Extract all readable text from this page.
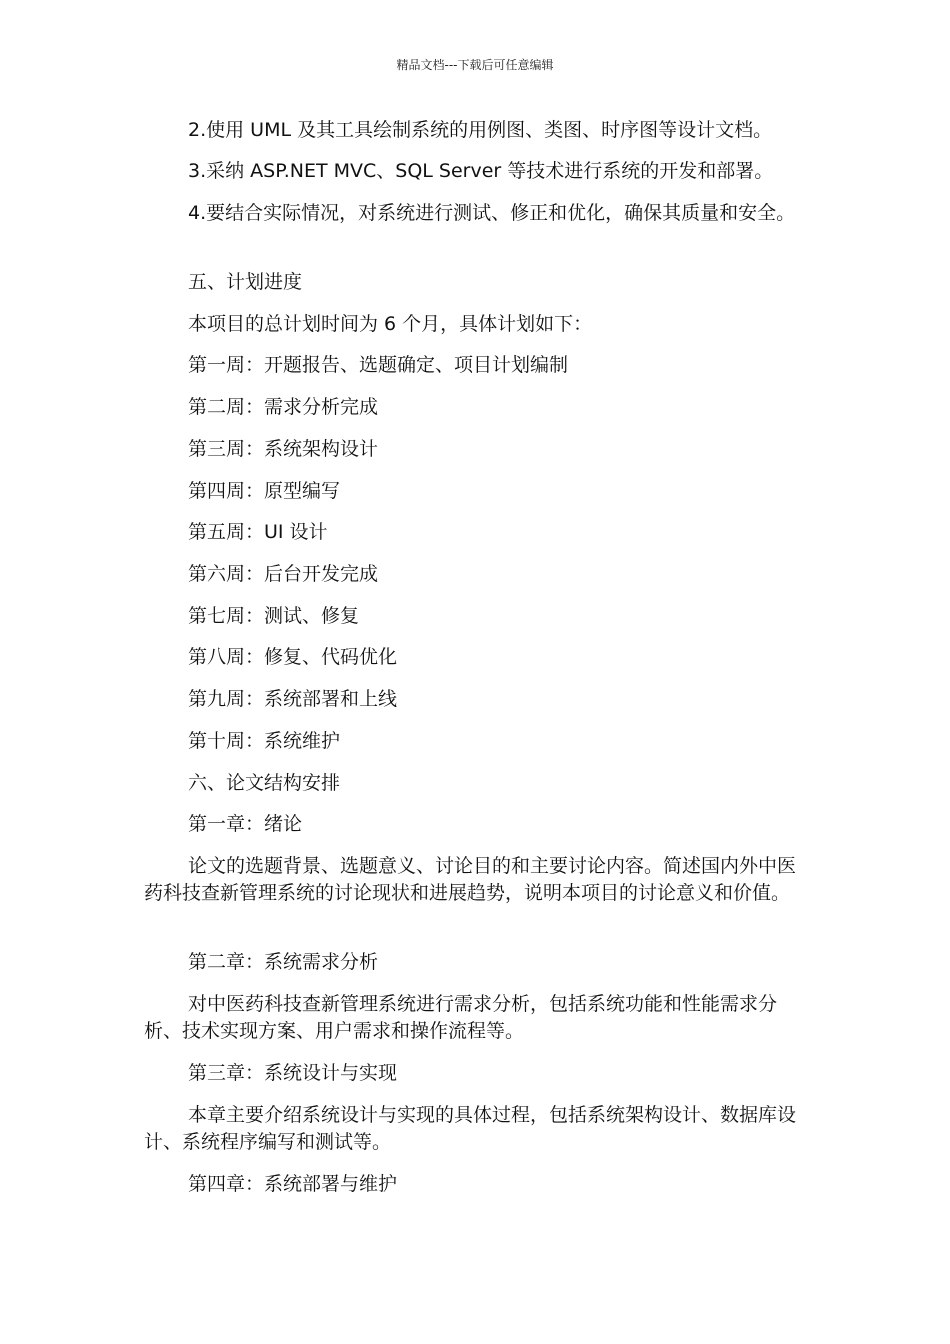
精品文档---下载后可任意编辑
2.使用 UML 及其工具绘制系统的用例图、类图、时序图等设计文档。
3.采纳 ASP.NET MVC、SQL Server 等技术进行系统的开发和部署。
4.要结合实际情况，对系统进行测试、修正和优化，确保其质量和安全。
五、计划进度
本项目的总计划时间为 6 个月，具体计划如下：
第一周：开题报告、选题确定、项目计划编制
第二周：需求分析完成
第三周：系统架构设计
第四周：原型编写
第五周：UI 设计
第六周：后台开发完成
第七周：测试、修复
第八周：修复、代码优化
第九周：系统部署和上线
第十周：系统维护
六、论文结构安排
第一章：绪论
论文的选题背景、选题意义、讨论目的和主要讨论内容。简述国内外中医药科技查新管理系统的讨论现状和进展趋势，说明本项目的讨论意义和价值。
第二章：系统需求分析
对中医药科技查新管理系统进行需求分析，包括系统功能和性能需求分析、技术实现方案、用户需求和操作流程等。
第三章：系统设计与实现
本章主要介绍系统设计与实现的具体过程，包括系统架构设计、数据库设计、系统程序编写和测试等。
第四章：系统部署与维护
